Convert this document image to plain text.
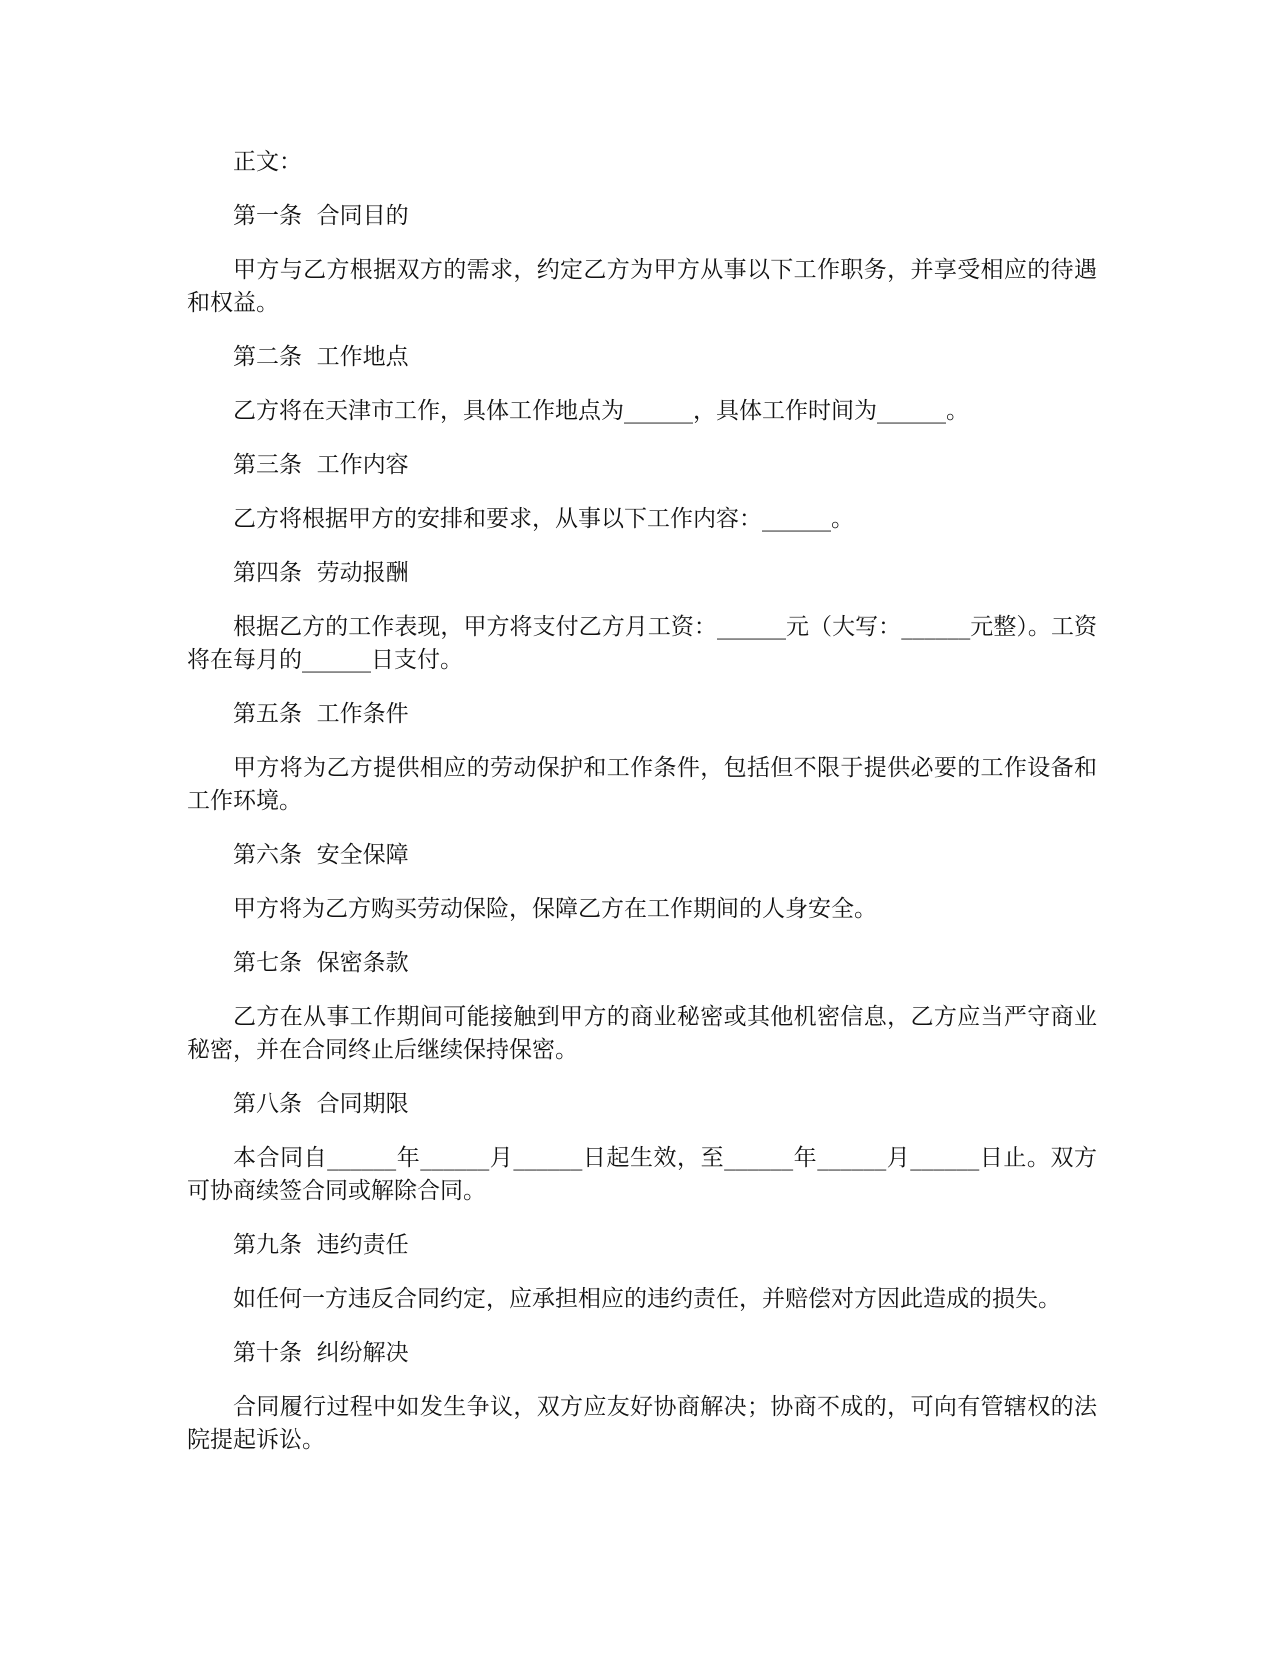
正文：

第一条  合同目的

甲方与乙方根据双方的需求，约定乙方为甲方从事以下工作职务，并享受相应的待遇和权益。

第二条  工作地点

乙方将在天津市工作，具体工作地点为______，具体工作时间为______。

第三条  工作内容

乙方将根据甲方的安排和要求，从事以下工作内容：______。

第四条  劳动报酬

根据乙方的工作表现，甲方将支付乙方月工资：______元（大写：______元整）。工资将在每月的______日支付。

第五条  工作条件

甲方将为乙方提供相应的劳动保护和工作条件，包括但不限于提供必要的工作设备和工作环境。

第六条  安全保障

甲方将为乙方购买劳动保险，保障乙方在工作期间的人身安全。

第七条  保密条款

乙方在从事工作期间可能接触到甲方的商业秘密或其他机密信息，乙方应当严守商业秘密，并在合同终止后继续保持保密。

第八条  合同期限

本合同自______年______月______日起生效，至______年______月______日止。双方可协商续签合同或解除合同。

第九条  违约责任

如任何一方违反合同约定，应承担相应的违约责任，并赔偿对方因此造成的损失。

第十条  纠纷解决

合同履行过程中如发生争议，双方应友好协商解决；协商不成的，可向有管辖权的法院提起诉讼。
